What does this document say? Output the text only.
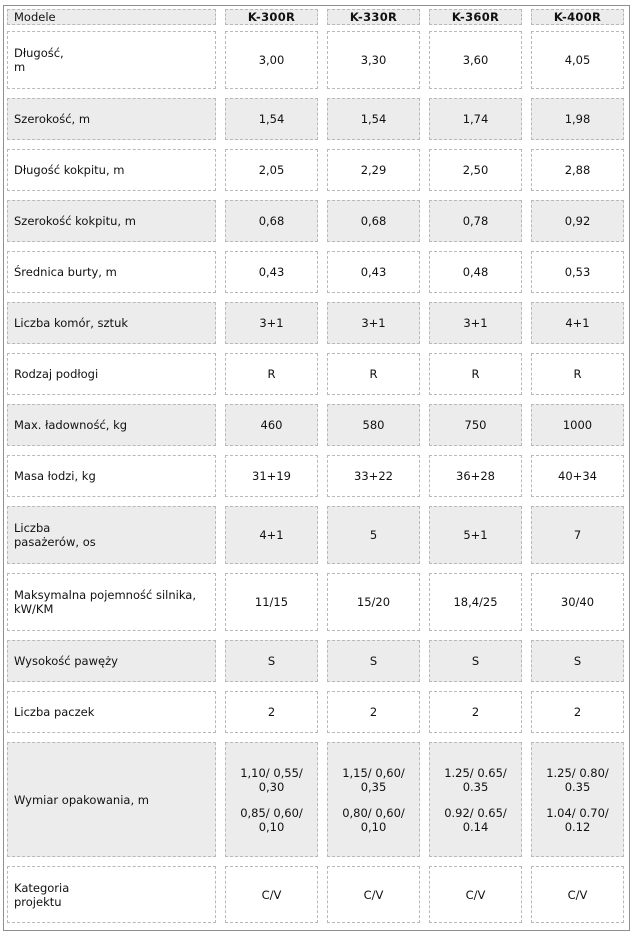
Modele		K-300R		K-330R		K-360R		K-400R

Długość,
m		3,00		3,30		3,60		4,05

Szerokość, m		1,54		1,54		1,74		1,98

Długość kokpitu, m		2,05		2,29		2,50		2,88

Szerokość kokpitu, m		0,68		0,68		0,78		0,92

Średnica burty, m		0,43		0,43		0,48		0,53

Liczba komór, sztuk		3+1		3+1		3+1		4+1

Rodzaj podłogi		R		R		R		R

Max. ładowność, kg		460		580		750		1000

Masa łodzi, kg		31+19		33+22		36+28		40+34

Liczba
pasażerów, os		4+1		5		5+1		7

Maksymalna pojemność silnika,
kW/KM		11/15		15/20		18,4/25		30/40

Wysokość pawęży		S		S		S		S

Liczba paczek		2		2		2		2

Wymiar opakowania, m		1,10/ 0,55/
0,30
0,85/ 0,60/
0,10		1,15/ 0,60/
0,35
0,80/ 0,60/
0,10		1.25/ 0.65/
0.35
0.92/ 0.65/
0.14		1.25/ 0.80/
0.35
1.04/ 0.70/
0.12

Kategoria
projektu		C/V		C/V		C/V		C/V
